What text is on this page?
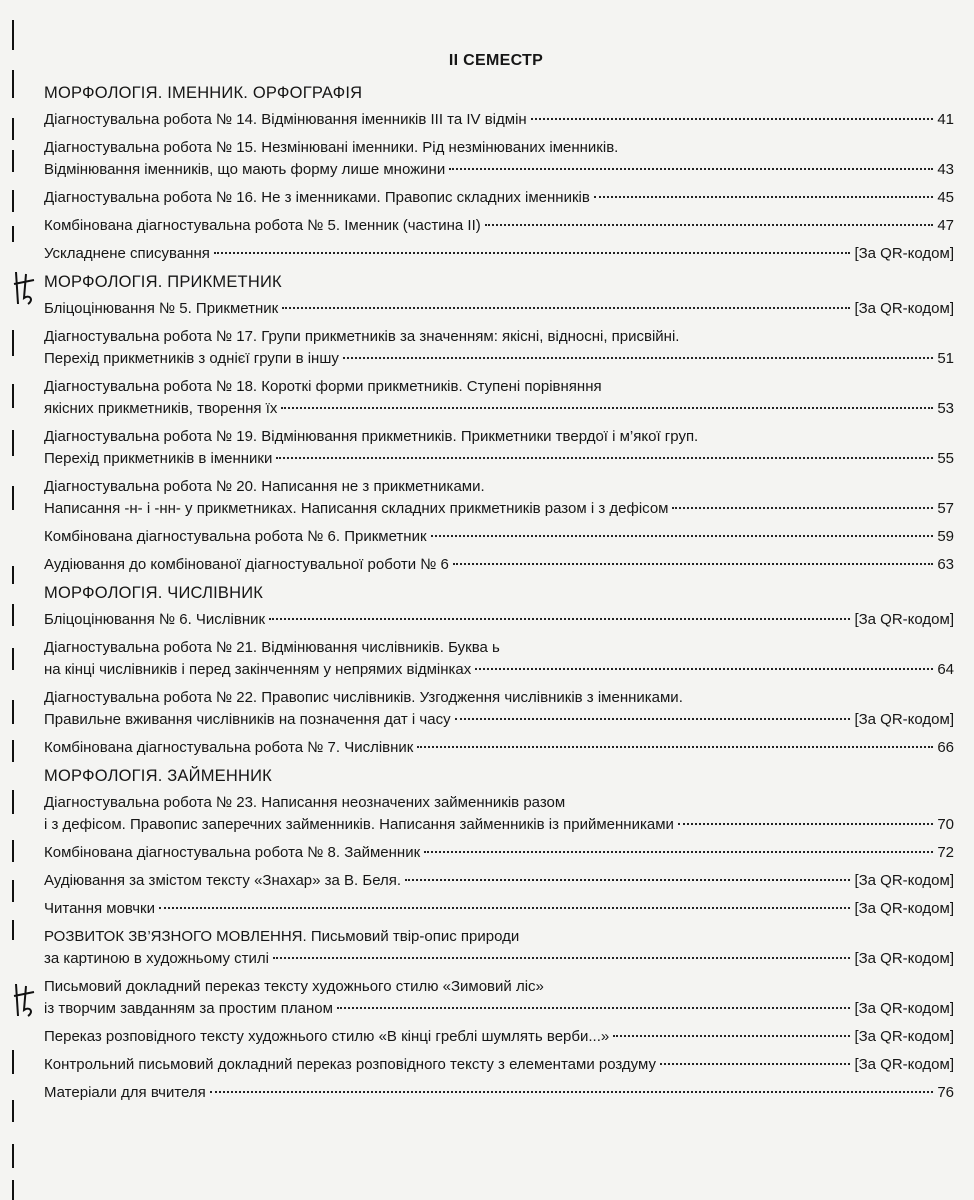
II СЕМЕСТР
МОРФОЛОГІЯ. ІМЕННИК. ОРФОГРАФІЯ
Діагностувальна робота № 14. Відмінювання іменників III та IV відмін	41
Діагностувальна робота № 15. Незмінювані іменники. Рід незмінюваних іменників.
Відмінювання іменників, що мають форму лише множини	43
Діагностувальна робота № 16. Не з іменниками. Правопис складних іменників	45
Комбінована діагностувальна робота № 5. Іменник (частина II)	47
Ускладнене списування	[За QR-кодом]
МОРФОЛОГІЯ. ПРИКМЕТНИК
Бліцоцінювання № 5. Прикметник	[За QR-кодом]
Діагностувальна робота № 17. Групи прикметників за значенням: якісні, відносні, присвійні.
Перехід прикметників з однієї групи в іншу	51
Діагностувальна робота № 18. Короткі форми прикметників. Ступені порівняння
якісних прикметників, творення їх	53
Діагностувальна робота № 19. Відмінювання прикметників. Прикметники твердої і м’якої груп.
Перехід прикметників в іменники	55
Діагностувальна робота № 20. Написання не з прикметниками.
Написання -н- і -нн- у прикметниках. Написання складних прикметників разом і з дефісом	57
Комбінована діагностувальна робота № 6. Прикметник	59
Аудіювання до комбінованої діагностувальної роботи № 6	63
МОРФОЛОГІЯ. ЧИСЛІВНИК
Бліцоцінювання № 6. Числівник	[За QR-кодом]
Діагностувальна робота № 21. Відмінювання числівників. Буква ь
на кінці числівників і перед закінченням у непрямих відмінках	64
Діагностувальна робота № 22. Правопис числівників. Узгодження числівників з іменниками.
Правильне вживання числівників на позначення дат і часу	[За QR-кодом]
Комбінована діагностувальна робота № 7. Числівник	66
МОРФОЛОГІЯ. ЗАЙМЕННИК
Діагностувальна робота № 23. Написання неозначених займенників разом
і з дефісом. Правопис заперечних займенників. Написання займенників із прийменниками	70
Комбінована діагностувальна робота № 8. Займенник	72
Аудіювання за змістом тексту «Знахар» за В. Беля.	[За QR-кодом]
Читання мовчки	[За QR-кодом]
РОЗВИТОК ЗВ’ЯЗНОГО МОВЛЕННЯ. Письмовий твір-опис природи
за картиною в художньому стилі	[За QR-кодом]
Письмовий докладний переказ тексту художнього стилю «Зимовий ліс»
із творчим завданням за простим планом	[За QR-кодом]
Переказ розповідного тексту художнього стилю «В кінці греблі шумлять верби...»	[За QR-кодом]
Контрольний письмовий докладний переказ розповідного тексту з елементами роздуму	[За QR-кодом]
Матеріали для вчителя	76
